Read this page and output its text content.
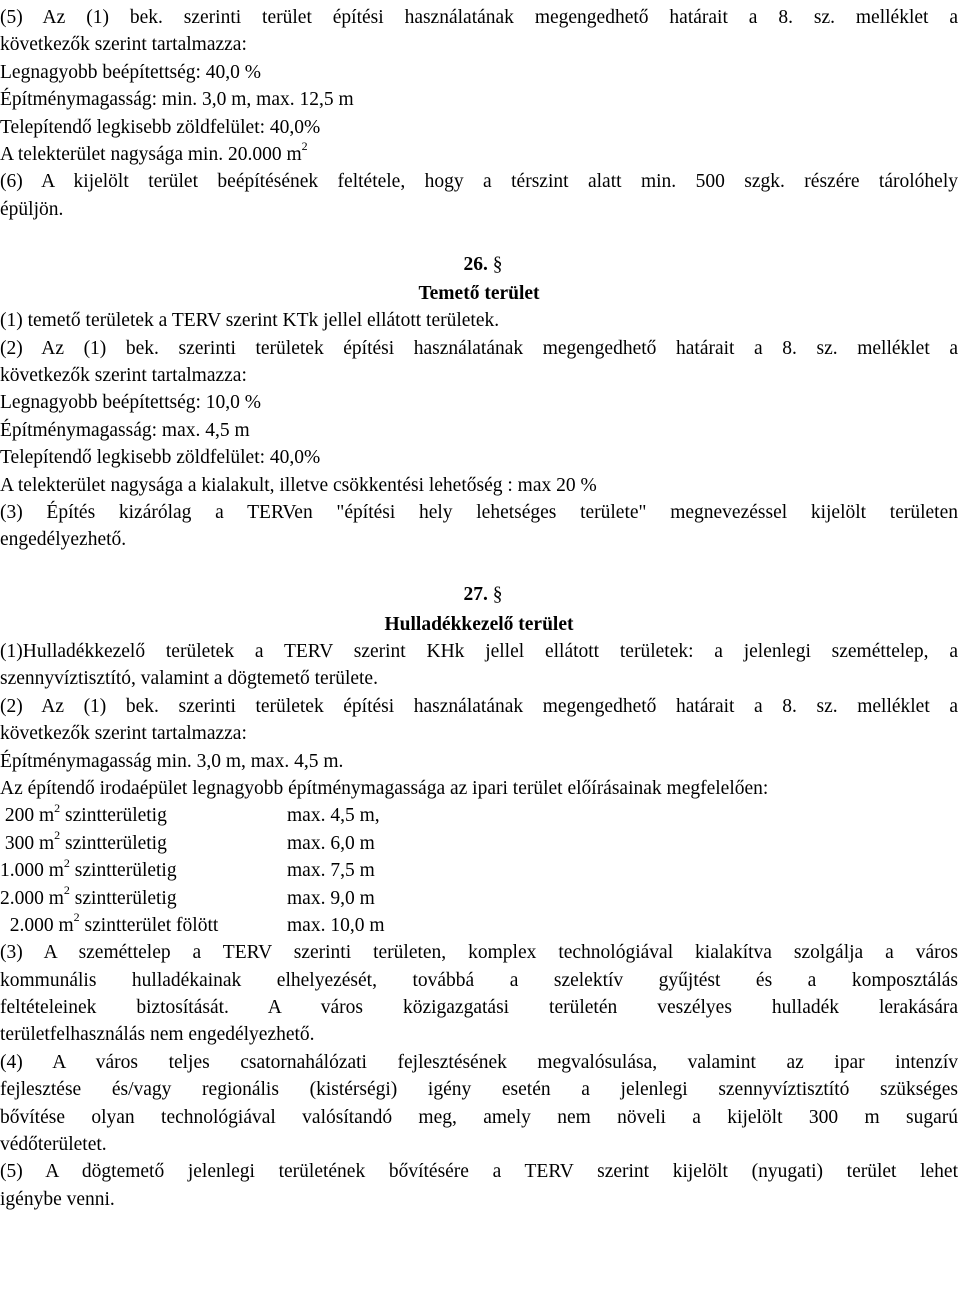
(5) Az (1) bek. szerinti terület építési használatának megengedhető határait a 8. sz. melléklet a
következők szerint tartalmazza:
Legnagyobb beépítettség: 40,0 %
Építménymagasság: min. 3,0 m, max. 12,5 m
Telepítendő legkisebb zöldfelület: 40,0%
A telekterület nagysága min. 20.000 $m^2$
(6) A kijelölt terület beépítésének feltétele, hogy a térszint alatt min. 500 szgk. részére tárolóhely
épüljön.
26. §
Temető terület
(1) temető területek a TERV szerint KTk jellel ellátott területek.
(2) Az (1) bek. szerinti területek építési használatának megengedhető határait a 8. sz. melléklet a
következők szerint tartalmazza:
Legnagyobb beépítettség: 10,0 %
Építménymagasság: max. 4,5 m
Telepítendő legkisebb zöldfelület: 40,0%
A telekterület nagysága a kialakult, illetve csökkentési lehetőség : max 20 %
(3) Építés kizárólag a TERVen "építési hely lehetséges területe" megnevezéssel kijelölt területen
engedélyezhető.
27. §
Hulladékkezelő terület
(1)Hulladékkezelő területek a TERV szerint KHk jellel ellátott területek: a jelenlegi szeméttelep, a
szennyvíztisztító, valamint a dögtemető területe.
(2) Az (1) bek. szerinti területek építési használatának megengedhető határait a 8. sz. melléklet a
következők szerint tartalmazza:
Építménymagasság min. 3,0 m, max. 4,5 m.
Az építendő irodaépület legnagyobb építménymagassága az ipari terület előírásainak megfelelően:
200 $m^2$ szintterületig	max. 4,5 m,
300 $m^2$ szintterületig	max. 6,0 m
1.000 $m^2$ szintterületig	max. 7,5 m
2.000 $m^2$ szintterületig	max. 9,0 m
2.000 $m^2$ szintterület fölött	max. 10,0 m
(3) A szeméttelep a TERV szerinti területen, komplex technológiával kialakítva szolgálja a város
kommunális hulladékainak elhelyezését, továbbá a szelektív gyűjtést és a komposztálás
feltételeinek biztosítását. A város közigazgatási területén veszélyes hulladék lerakására
területfelhasználás nem engedélyezhető.
(4) A város teljes csatornahálózati fejlesztésének megvalósulása, valamint az ipar intenzív
fejlesztése és/vagy regionális (kistérségi) igény esetén a jelenlegi szennyvíztisztító szükséges
bővítése olyan technológiával valósítandó meg, amely nem növeli a kijelölt 300 m sugarú
védőterületet.
(5) A dögtemető jelenlegi területének bővítésére a TERV szerint kijelölt (nyugati) terület lehet
igénybe venni.
